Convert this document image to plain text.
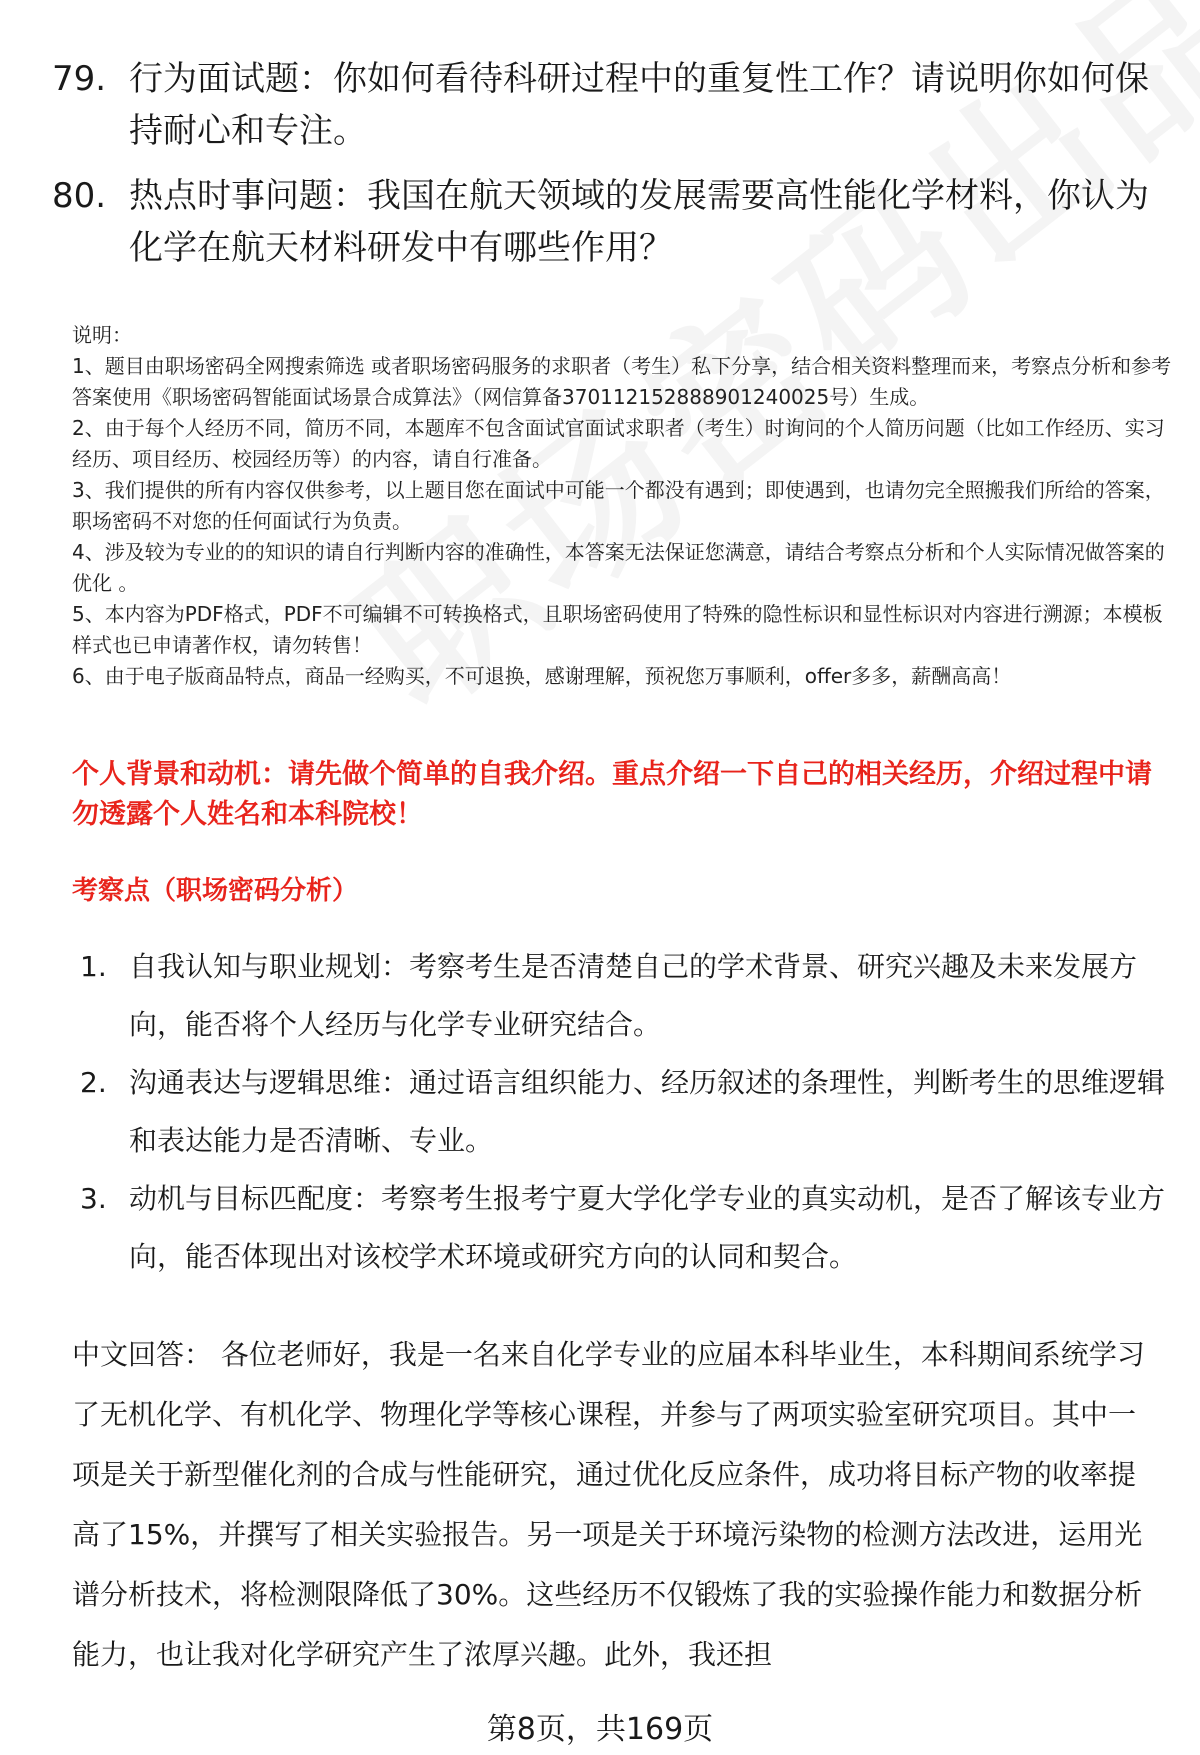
79. 行为面试题：你如何看待科研过程中的重复性工作？请说明你如何保持耐心和专注。
80. 热点时事问题：我国在航天领域的发展需要高性能化学材料，你认为化学在航天材料研发中有哪些作用？

说明：

1、题目由职场密码全网搜索筛选 或者职场密码服务的求职者（考生）私下分享，结合相关资料整理而来，考察点分析和参考答案使用《职场密码智能面试场景合成算法》（网信算备370112152888901240025号）生成。

2、由于每个人经历不同，简历不同，本题库不包含面试官面试求职者（考生）时询问的个人简历问题（比如工作经历、实习经历、项目经历、校园经历等）的内容，请自行准备。

3、我们提供的所有内容仅供参考，以上题目您在面试中可能一个都没有遇到；即使遇到，也请勿完全照搬我们所给的答案，职场密码不对您的任何面试行为负责。

4、涉及较为专业的的知识的请自行判断内容的准确性，本答案无法保证您满意，请结合考察点分析和个人实际情况做答案的优化 。

5、本内容为PDF格式，PDF不可编辑不可转换格式，且职场密码使用了特殊的隐性标识和显性标识对内容进行溯源；本模板样式也已申请著作权，请勿转售！

6、由于电子版商品特点，商品一经购买，不可退换，感谢理解，预祝您万事顺利，offer多多，薪酬高高！

个人背景和动机：请先做个简单的自我介绍。重点介绍一下自己的相关经历，介绍过程中请勿透露个人姓名和本科院校！
考察点（职场密码分析）
1. 自我认知与职业规划：考察考生是否清楚自己的学术背景、研究兴趣及未来发展方向，能否将个人经历与化学专业研究结合。
2. 沟通表达与逻辑思维：通过语言组织能力、经历叙述的条理性，判断考生的思维逻辑和表达能力是否清晰、专业。
3. 动机与目标匹配度：考察考生报考宁夏大学化学专业的真实动机，是否了解该专业方向，能否体现出对该校学术环境或研究方向的认同和契合。
中文回答： 各位老师好，我是一名来自化学专业的应届本科毕业生，本科期间系统学习了无机化学、有机化学、物理化学等核心课程，并参与了两项实验室研究项目。其中一项是关于新型催化剂的合成与性能研究，通过优化反应条件，成功将目标产物的收率提高了15%，并撰写了相关实验报告。另一项是关于环境污染物的检测方法改进，运用光谱分析技术，将检测限降低了30%。这些经历不仅锻炼了我的实验操作能力和数据分析能力，也让我对化学研究产生了浓厚兴趣。此外，我还担
第8页，共169页
